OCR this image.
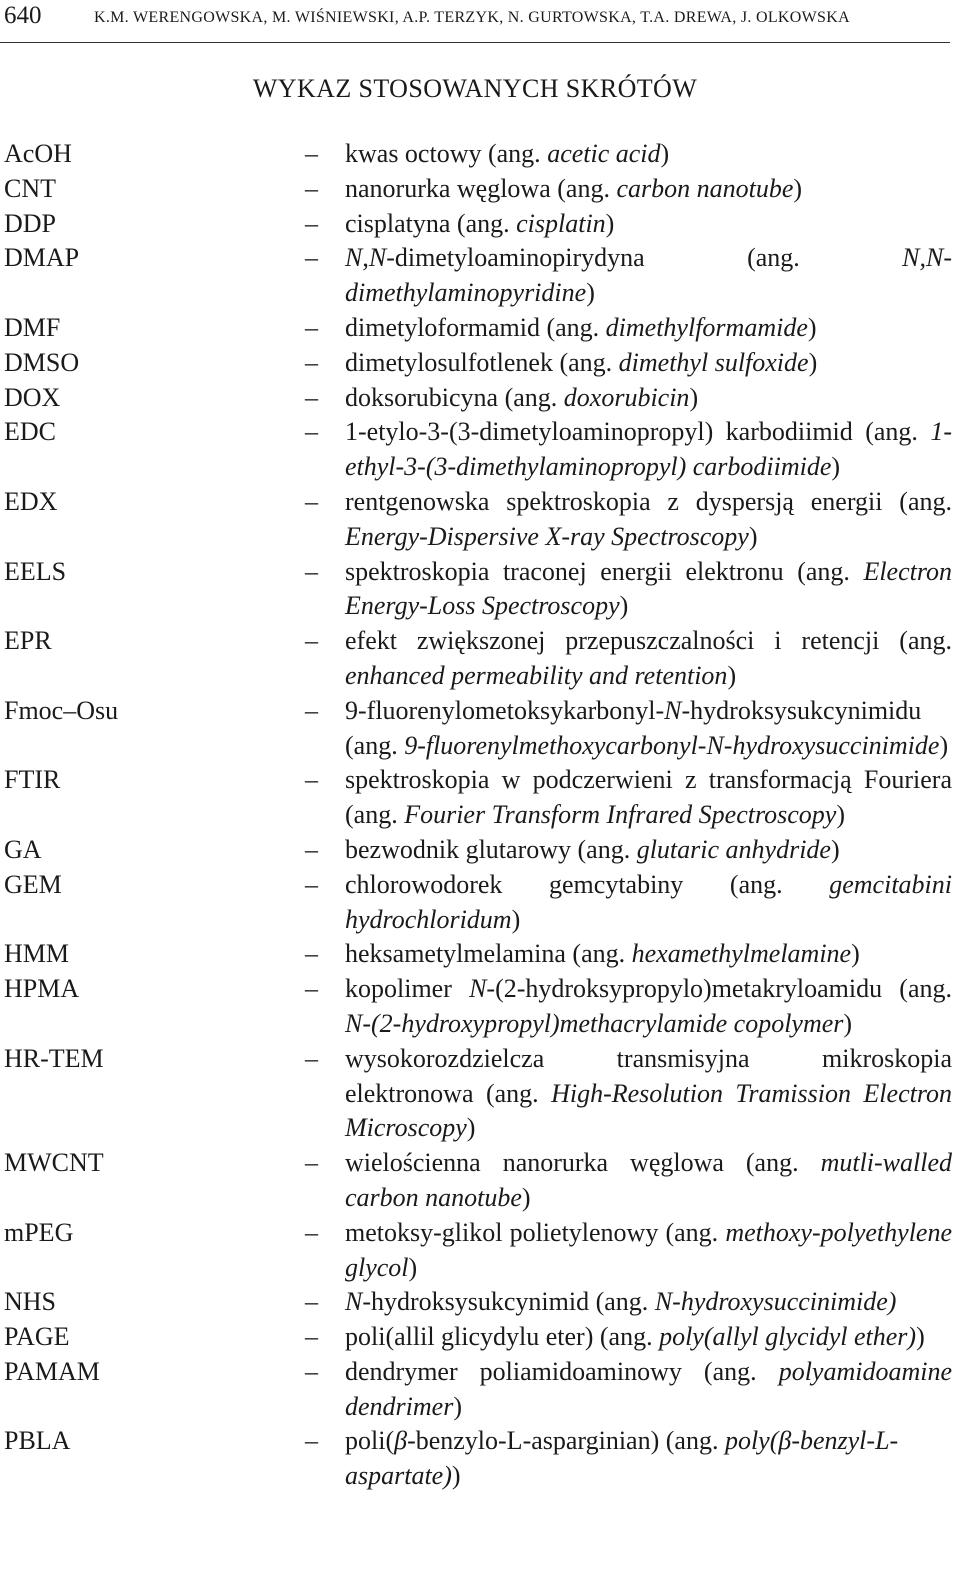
640	K.M. WERENGOWSKA, M. WIŚNIEWSKI, A.P. TERZYK, N. GURTOWSKA, T.A. DREWA, J. OLKOWSKA
WYKAZ STOSOWANYCH SKRÓTÓW
AcOH	–	kwas octowy (ang. acetic acid)
CNT	–	nanorurka węglowa (ang. carbon nanotube)
DDP	–	cisplatyna (ang. cisplatin)
DMAP	–	N,N-dimetyloaminopirydyna (ang. N,N-dimethylaminopyridine)
DMF	–	dimetyloformamid (ang. dimethylformamide)
DMSO	–	dimetylosulfotlenek (ang. dimethyl sulfoxide)
DOX	–	doksorubicyna (ang. doxorubicin)
EDC	–	1-etylo-3-(3-dimetyloaminopropyl) karbodiimid (ang. 1-ethyl-3-(3-dimethylaminopropyl) carbodiimide)
EDX	–	rentgenowska spektroskopia z dyspersją energii (ang. Energy-Dispersive X-ray Spectroscopy)
EELS	–	spektroskopia traconej energii elektronu (ang. Electron Energy-Loss Spectroscopy)
EPR	–	efekt zwiększonej przepuszczalności i retencji (ang. enhanced permeability and retention)
Fmoc–Osu	–	9-fluorenylometoksykarbonyl-N-hydroksysukcynimidu (ang. 9-fluorenylmethoxycarbonyl-N-hydroxysuccinimide)
FTIR	–	spektroskopia w podczerwieni z transformacją Fouriera (ang. Fourier Transform Infrared Spectroscopy)
GA	–	bezwodnik glutarowy (ang. glutaric anhydride)
GEM	–	chlorowodorek gemcytabiny (ang. gemcitabini hydrochloridum)
HMM	–	heksametylmelamina (ang. hexamethylmelamine)
HPMA	–	kopolimer N-(2-hydroksypropylo)metakryloamidu (ang. N-(2-hydroxypropyl)methacrylamide copolymer)
HR-TEM	–	wysokorozdzielcza transmisyjna mikroskopia elektronowa (ang. High-Resolution Tramission Electron Microscopy)
MWCNT	–	wielościenna nanorurka węglowa (ang. mutli-walled carbon nanotube)
mPEG	–	metoksy-glikol polietylenowy (ang. methoxy-polyethylene glycol)
NHS	–	N-hydroksysukcynimid (ang. N-hydroxysuccinimide)
PAGE	–	poli(allil glicydylu eter) (ang. poly(allyl glycidyl ether))
PAMAM	–	dendrymer poliamidoaminowy (ang. polyamidoamine dendrimer)
PBLA	–	poli(β-benzylo-L-asparginian) (ang. poly(β-benzyl-L-aspartate))
